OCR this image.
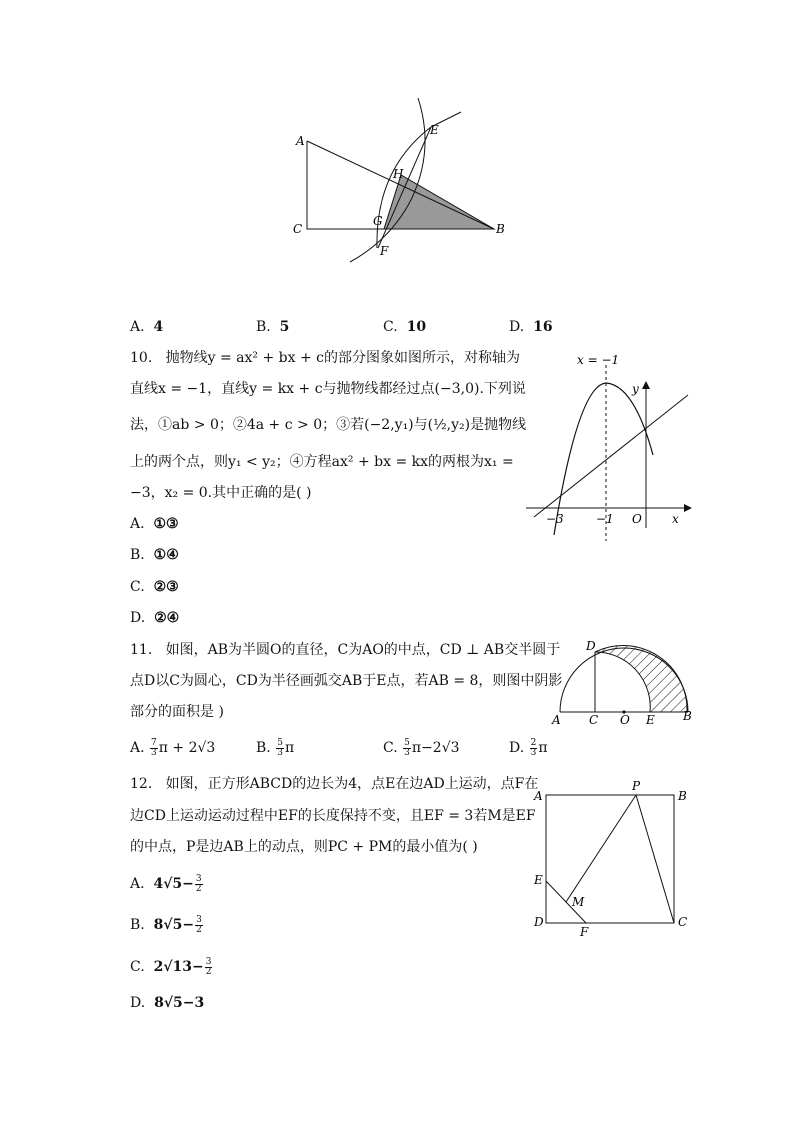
A
C	B
E
H
G
F
A. 4	B. 5	C. 10	D. 16
10. 抛物线y = ax² + bx + c的部分图象如图所示，对称轴为
直线x = −1，直线y = kx + c与抛物线都经过点(−3,0).下列说
法，①ab > 0；②4a + c > 0；③若(−2,y₁)与(½,y₂)是抛物线
上的两个点，则y₁ < y₂；④方程ax² + bx = kx的两根为x₁ =
−3，x₂ = 0.其中正确的是( )
A. ①③
B. ①④
C. ②③
D. ②④
x = −1
y
x
−3	−1 O
11. 如图，AB为半圆O的直径，C为AO的中点，CD ⊥ AB交半圆于
点D以C为圆心，CD为半径画弧交AB于E点，若AB = 8，则图中阴影
部分的面积是 )
A. $\frac{7}{3}$ π + 2√3	B. $\frac{5}{3}$ π	C. $\frac{5}{3} \pi-2√3$	D. $\frac{2}{3}$ π
D
A C O E B
12. 如图，正方形ABCD的边长为4，点E在边AD上运动，点F在
边CD上运动运动过程中EF的长度保持不变，且EF = 3若M是EF
的中点，P是边AB上的动点，则PC + PM的最小值为( )
A. $4√5- \frac{3}{2}$
B. $8√5- \frac{3}{2}$
C. $2√13- \frac{3}{2}$
D. 8√5−3
A	B
C
D
E
F
M
P
